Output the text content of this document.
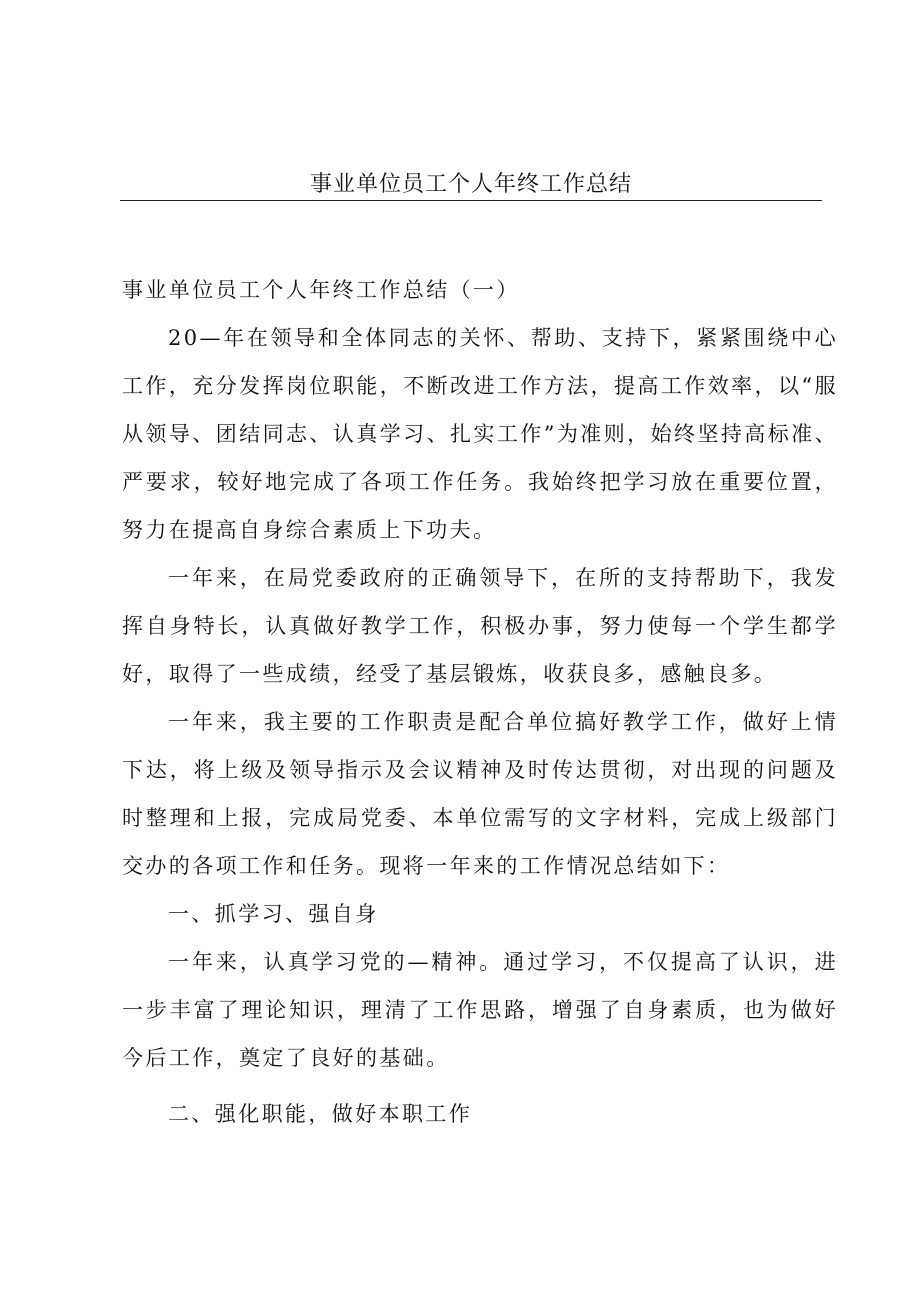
事业单位员工个人年终工作总结

事业单位员工个人年终工作总结（一）

20—年在领导和全体同志的关怀、帮助、支持下，紧紧围绕中心工作，充分发挥岗位职能，不断改进工作方法，提高工作效率，以“服从领导、团结同志、认真学习、扎实工作”为准则，始终坚持高标准、严要求，较好地完成了各项工作任务。我始终把学习放在重要位置，努力在提高自身综合素质上下功夫。

一年来，在局党委政府的正确领导下，在所的支持帮助下，我发挥自身特长，认真做好教学工作，积极办事，努力使每一个学生都学好，取得了一些成绩，经受了基层锻炼，收获良多，感触良多。

一年来，我主要的工作职责是配合单位搞好教学工作，做好上情下达，将上级及领导指示及会议精神及时传达贯彻，对出现的问题及时整理和上报，完成局党委、本单位需写的文字材料，完成上级部门交办的各项工作和任务。现将一年来的工作情况总结如下：

一、抓学习、强自身

一年来，认真学习党的—精神。通过学习，不仅提高了认识，进一步丰富了理论知识，理清了工作思路，增强了自身素质，也为做好今后工作，奠定了良好的基础。

二、强化职能，做好本职工作
